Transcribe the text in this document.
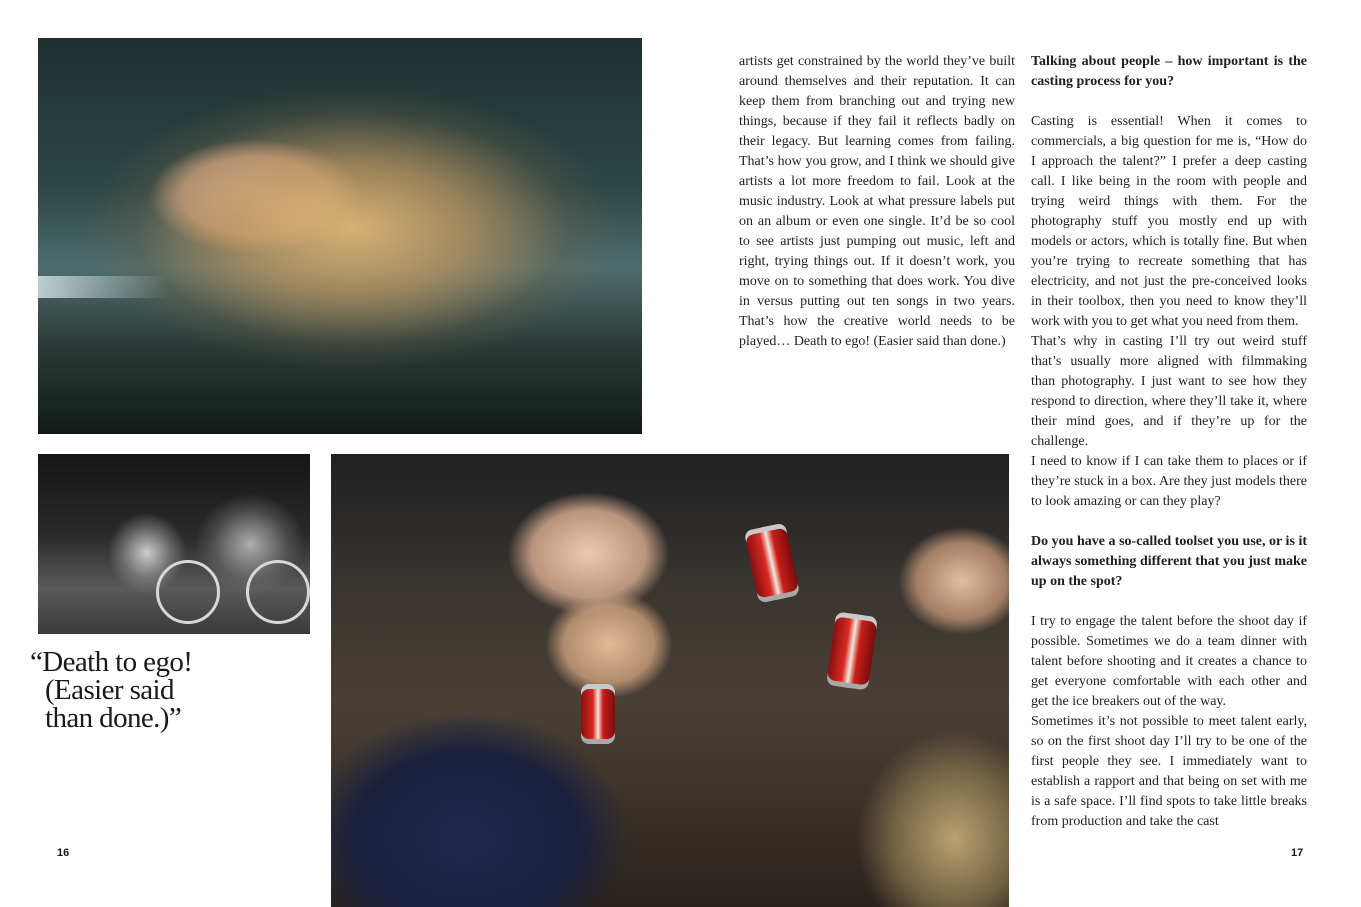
“Death to ego!
(Easier said
than done.)”

artists get constrained by the world they’ve built around themselves and their reputation. It can keep them from branching out and trying new things, because if they fail it reflects badly on their legacy. But learning comes from failing. That’s how you grow, and I think we should give artists a lot more freedom to fail. Look at the music industry. Look at what pressure labels put on an album or even one single. It’d be so cool to see artists just pumping out music, left and right, trying things out. If it doesn’t work, you move on to something that does work. You dive in versus putting out ten songs in two years. That’s how the creative world needs to be played… Death to ego! (Easier said than done.)

Talking about people – how important is the casting process for you?

Casting is essential! When it comes to commercials, a big question for me is, “How do I approach the talent?” I prefer a deep casting call. I like being in the room with people and trying weird things with them. For the photography stuff you mostly end up with models or actors, which is totally fine. But when you’re trying to recreate something that has electricity, and not just the pre-conceived looks in their toolbox, then you need to know they’ll work with you to get what you need from them.

That’s why in casting I’ll try out weird stuff that’s usually more aligned with filmmaking than photography. I just want to see how they respond to direction, where they’ll take it, where their mind goes, and if they’re up for the challenge.

I need to know if I can take them to places or if they’re stuck in a box. Are they just models there to look amazing or can they play?

Do you have a so-called toolset you use, or is it always something different that you just make up on the spot?

I try to engage the talent before the shoot day if possible. Sometimes we do a team dinner with talent before shooting and it creates a chance to get everyone comfortable with each other and get the ice breakers out of the way.

Sometimes it’s not possible to meet talent early, so on the first shoot day I’ll try to be one of the first people they see. I immediately want to establish a rapport and that being on set with me is a safe space. I’ll find spots to take little breaks from production and take the cast

16	17
